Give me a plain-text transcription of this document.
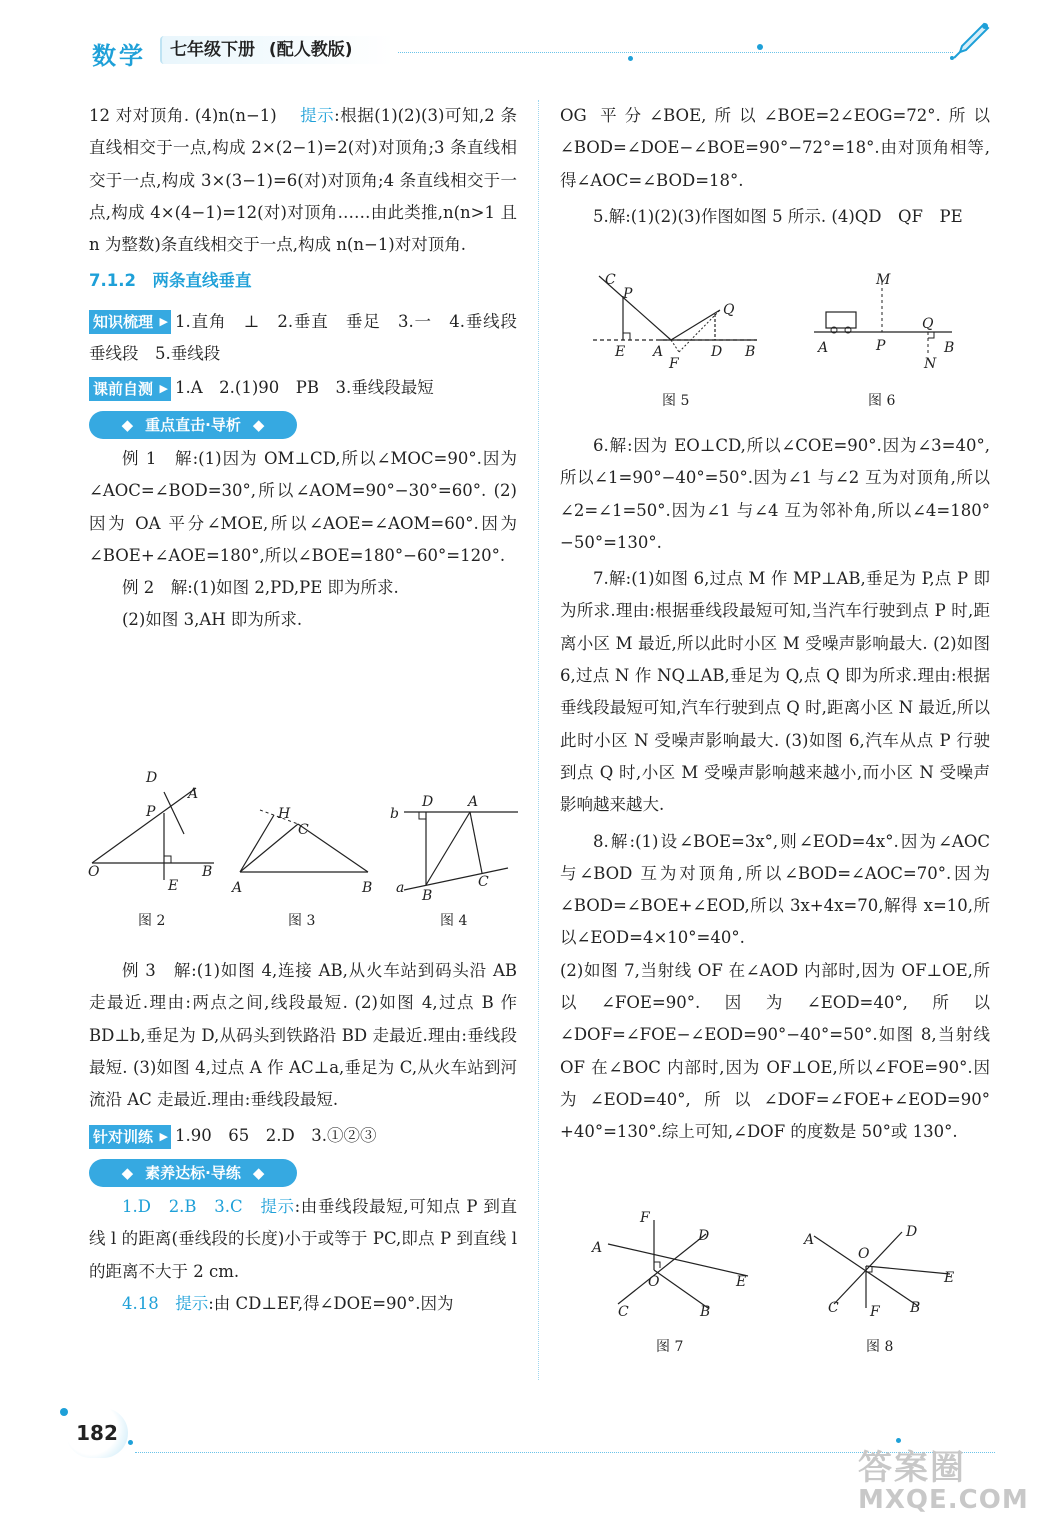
数学	七年级下册 (配人教版)

12 对对顶角. (4)n(n−1)　 提示:根据(1)(2)(3)可知,2 条直线相交于一点,构成 2×(2−1)=2(对)对顶角;3 条直线相交于一点,构成 3×(3−1)=6(对)对顶角;4 条直线相交于一点,构成 4×(4−1)=12(对)对顶角……由此类推,n(n>1 且 n 为整数)条直线相交于一点,构成 n(n−1)对对顶角.

7.1.2　两条直线垂直

知识梳理 ▶ 1.直角　⊥　2.垂直　垂足　3.一　4.垂线段　垂线段　5.垂线段

课前自测 ▶ 1.A　2.(1)90　PB　3.垂线段最短

◆ 重点直击·导析 ◆

例 1　解:(1)因为 OM⊥CD,所以∠MOC=90°.因为∠AOC=∠BOD=30°,所以∠AOM=90°−30°=60°. (2)因为 OA 平分∠MOE,所以∠AOE=∠AOM=60°.因为∠BOE+∠AOE=180°,所以∠BOE=180°−60°=120°.

例 2　解:(1)如图 2,PD,PE 即为所求.

(2)如图 3,AH 即为所求.

D
A
P
O	B
E
图 2
H
C
A	B
图 3
b
D A
a B
C
图 4

例 3　解:(1)如图 4,连接 AB,从火车站到码头沿 AB 走最近.理由:两点之间,线段最短. (2)如图 4,过点 B 作 BD⊥b,垂足为 D,从码头到铁路沿 BD 走最近.理由:垂线段最短. (3)如图 4,过点 A 作 AC⊥a,垂足为 C,从火车站到河流沿 AC 走最近.理由:垂线段最短.

针对训练 ▶ 1.90　65　2.D　3.①②③

◆ 素养达标·导练 ◆

1.D　2.B　3.C　 提示:由垂线段最短,可知点 P 到直线 l 的距离(垂线段的长度)小于或等于 PC,即点 P 到直线 l 的距离不大于 2 cm.

4.18　 提示:由 CD⊥EF,得∠DOE=90°.因为

OG 平分∠BOE,所以∠BOE=2∠EOG=72°.所以∠BOD=∠DOE−∠BOE=90°−72°=18°.由对顶角相等,得∠AOC=∠BOD=18°.

5.解:(1)(2)(3)作图如图 5 所示. (4)QD　QF　PE

C
P
Q
E A
F
D B
图 5
M
Q
A	P	B
N
图 6

6.解:因为 EO⊥CD,所以∠COE=90°.因为∠3=40°,所以∠1=90°−40°=50°.因为∠1 与∠2 互为对顶角,所以∠2=∠1=50°.因为∠1 与∠4 互为邻补角,所以∠4=180°−50°=130°.

7.解:(1)如图 6,过点 M 作 MP⊥AB,垂足为 P,点 P 即为所求.理由:根据垂线段最短可知,当汽车行驶到点 P 时,距离小区 M 最近,所以此时小区 M 受噪声影响最大. (2)如图 6,过点 N 作 NQ⊥AB,垂足为 Q,点 Q 即为所求.理由:根据垂线段最短可知,汽车行驶到点 Q 时,距离小区 N 最近,所以此时小区 N 受噪声影响最大. (3)如图 6,汽车从点 P 行驶到点 Q 时,小区 M 受噪声影响越来越小,而小区 N 受噪声影响越来越大.

8.解:(1)设∠BOE=3x°,则∠EOD=4x°.因为∠AOC 与∠BOD 互为对顶角,所以∠BOD=∠AOC=70°.因为∠BOD=∠BOE+∠EOD,所以 3x+4x=70,解得 x=10,所以∠EOD=4×10°=40°.

(2)如图 7,当射线 OF 在∠AOD 内部时,因为 OF⊥OE,所以∠FOE=90°.因为∠EOD=40°,所以∠DOF=∠FOE−∠EOD=90°−40°=50°.如图 8,当射线 OF 在∠BOC 内部时,因为 OF⊥OE,所以∠FOE=90°.因为∠EOD=40°,所以∠DOF=∠FOE+∠EOD=90°+40°=130°.综上可知,∠DOF 的度数是 50°或 130°.

F
D
A
O	E
C	B
图 7
A	D
O
E
C F B
图 8
182
答案圈
MXQE.COM
